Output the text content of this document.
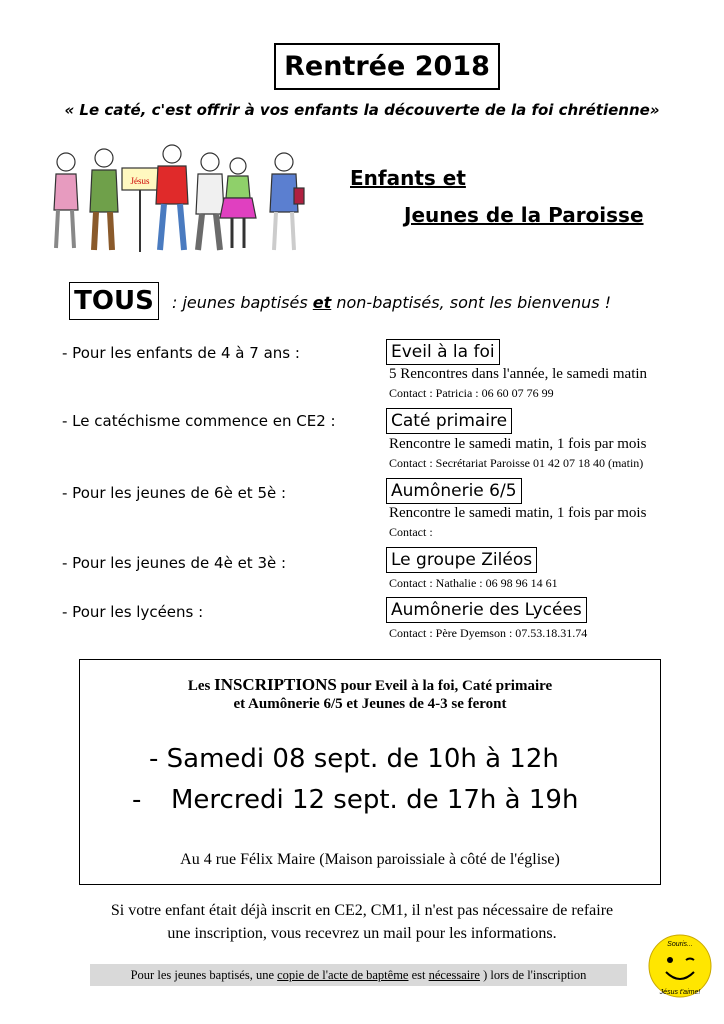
Rentrée 2018
« Le caté, c'est offrir à vos enfants la découverte de la foi chrétienne»
Jésus	Enfants et
Jeunes de la Paroisse
TOUS	: jeunes baptisés et non-baptisés, sont les bienvenus !
- Pour les enfants de 4 à 7 ans :	Eveil à la foi
5 Rencontres dans l'année, le samedi matin
Contact : Patricia : 06 60 07 76 99
- Le catéchisme commence en CE2 :	Caté primaire
Rencontre le samedi matin, 1 fois par mois
Contact : Secrétariat Paroisse 01 42 07 18 40 (matin)
- Pour les jeunes de 6è et 5è :	Aumônerie 6/5
Rencontre le samedi matin, 1 fois par mois
Contact :
- Pour les jeunes de 4è et 3è :	Le groupe Ziléos
Contact : Nathalie : 06 98 96 14 61
- Pour les lycéens :	Aumônerie des Lycées
Contact : Père Dyemson : 07.53.18.31.74
Les INSCRIPTIONS pour Eveil à la foi, Caté primaire
et Aumônerie 6/5 et Jeunes de 4-3 se feront
- Samedi 08 sept. de 10h à 12h
- Mercredi 12 sept. de 17h à 19h
Au 4 rue Félix Maire (Maison paroissiale à côté de l'église)
Si votre enfant était déjà inscrit en CE2, CM1, il n'est pas nécessaire de refaire
une inscription, vous recevrez un mail pour les informations.
Pour les jeunes baptisés, une copie de l'acte de baptême est nécessaire ) lors de l'inscription
Souris...
Jésus t'aime!
